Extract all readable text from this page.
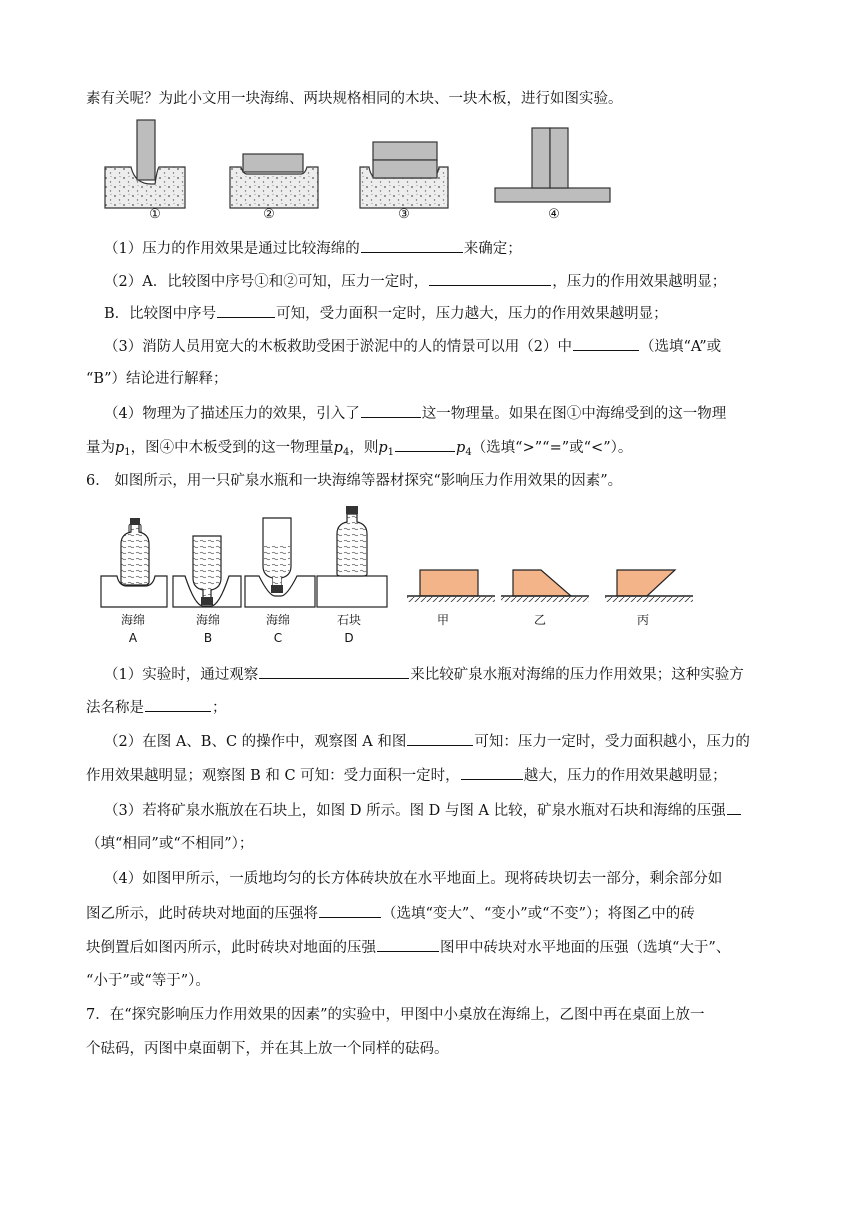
素有关呢？为此小文用一块海绵、两块规格相同的木块、一块木板，进行如图实验。
①	②	③	④
（1）压力的作用效果是通过比较海绵的	来确定；
（2）A．比较图中序号①和②可知，压力一定时，	，压力的作用效果越明显；
B．比较图中序号	可知，受力面积一定时，压力越大，压力的作用效果越明显；
（3）消防人员用宽大的木板救助受困于淤泥中的人的情景可以用（2）中	（选填“A”或
“B”）结论进行解释；
（4）物理为了描述压力的效果，引入了	这一物理量。如果在图①中海绵受到的这一物理
量为$p_1$，图④中木板受到的这一物理量$p_4$，则$p_1$	$p_4$（选填“>”“=”或“<”）。
6． 如图所示，用一只矿泉水瓶和一块海绵等器材探究“影响压力作用效果的因素”。
海绵	海绵	海绵	石块
A	B	C	D
甲	乙	丙
（1）实验时，通过观察	来比较矿泉水瓶对海绵的压力作用效果；这种实验方
法名称是	；
（2）在图 A、B、C 的操作中，观察图 A 和图	可知：压力一定时，受力面积越小，压力的
作用效果越明显；观察图 B 和 C 可知：受力面积一定时，	越大，压力的作用效果越明显；
（3）若将矿泉水瓶放在石块上，如图 D 所示。图 D 与图 A 比较，矿泉水瓶对石块和海绵的压强
（填“相同”或“不相同”）；
（4）如图甲所示，一质地均匀的长方体砖块放在水平地面上。现将砖块切去一部分，剩余部分如
图乙所示，此时砖块对地面的压强将	（选填“变大”、“变小”或“不变”）；将图乙中的砖
块倒置后如图丙所示，此时砖块对地面的压强	图甲中砖块对水平地面的压强（选填“大于”、
“小于”或“等于”）。
7．在“探究影响压力作用效果的因素”的实验中，甲图中小桌放在海绵上，乙图中再在桌面上放一
个砝码，丙图中桌面朝下，并在其上放一个同样的砝码。
